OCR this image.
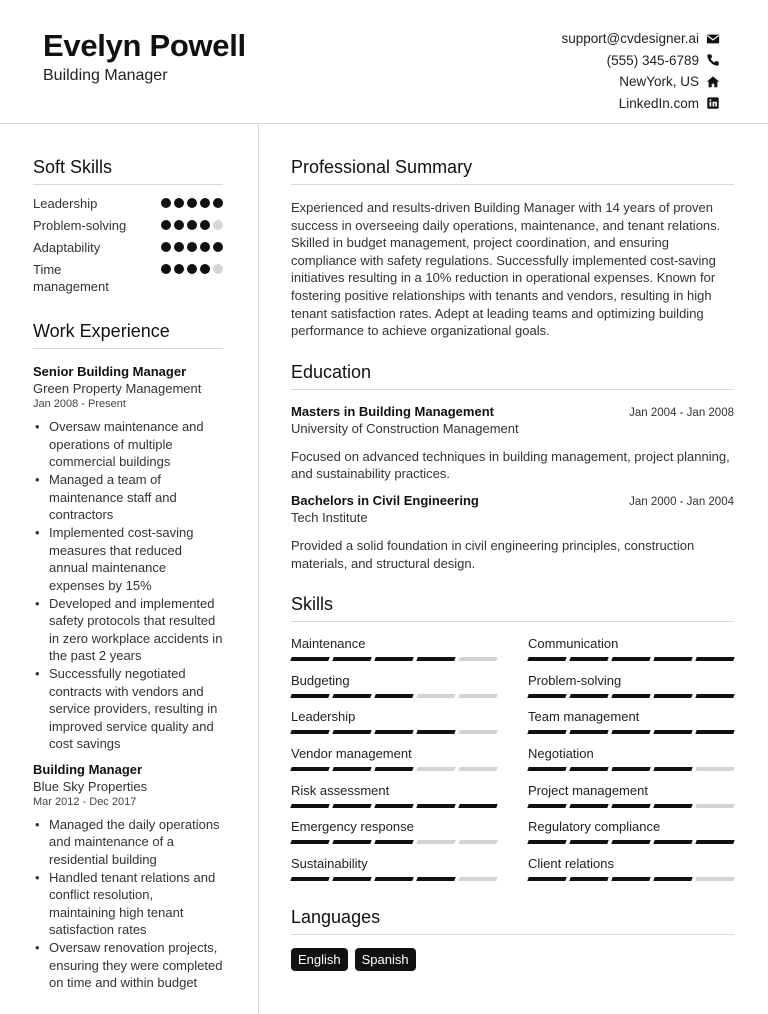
Evelyn Powell
Building Manager
support@cvdesigner.ai
(555) 345-6789
NewYork, US
LinkedIn.com
Soft Skills
Leadership
Problem-solving
Adaptability
Time management
Work Experience
Senior Building Manager
Green Property Management
Jan 2008 - Present
• Oversaw maintenance and operations of multiple commercial buildings
• Managed a team of maintenance staff and contractors
• Implemented cost-saving measures that reduced annual maintenance expenses by 15%
• Developed and implemented safety protocols that resulted in zero workplace accidents in the past 2 years
• Successfully negotiated contracts with vendors and service providers, resulting in improved service quality and cost savings
Building Manager
Blue Sky Properties
Mar 2012 - Dec 2017
• Managed the daily operations and maintenance of a residential building
• Handled tenant relations and conflict resolution, maintaining high tenant satisfaction rates
• Oversaw renovation projects, ensuring they were completed on time and within budget
Professional Summary
Experienced and results-driven Building Manager with 14 years of proven success in overseeing daily operations, maintenance, and tenant relations. Skilled in budget management, project coordination, and ensuring compliance with safety regulations. Successfully implemented cost-saving initiatives resulting in a 10% reduction in operational expenses. Known for fostering positive relationships with tenants and vendors, resulting in high tenant satisfaction rates. Adept at leading teams and optimizing building performance to achieve organizational goals.
Education
Masters in Building Management	Jan 2004 - Jan 2008
University of Construction Management
Focused on advanced techniques in building management, project planning, and sustainability practices.
Bachelors in Civil Engineering	Jan 2000 - Jan 2004
Tech Institute
Provided a solid foundation in civil engineering principles, construction materials, and structural design.
Skills
Maintenance	Communication
Budgeting	Problem-solving
Leadership	Team management
Vendor management	Negotiation
Risk assessment	Project management
Emergency response	Regulatory compliance
Sustainability	Client relations
Languages
English	Spanish
